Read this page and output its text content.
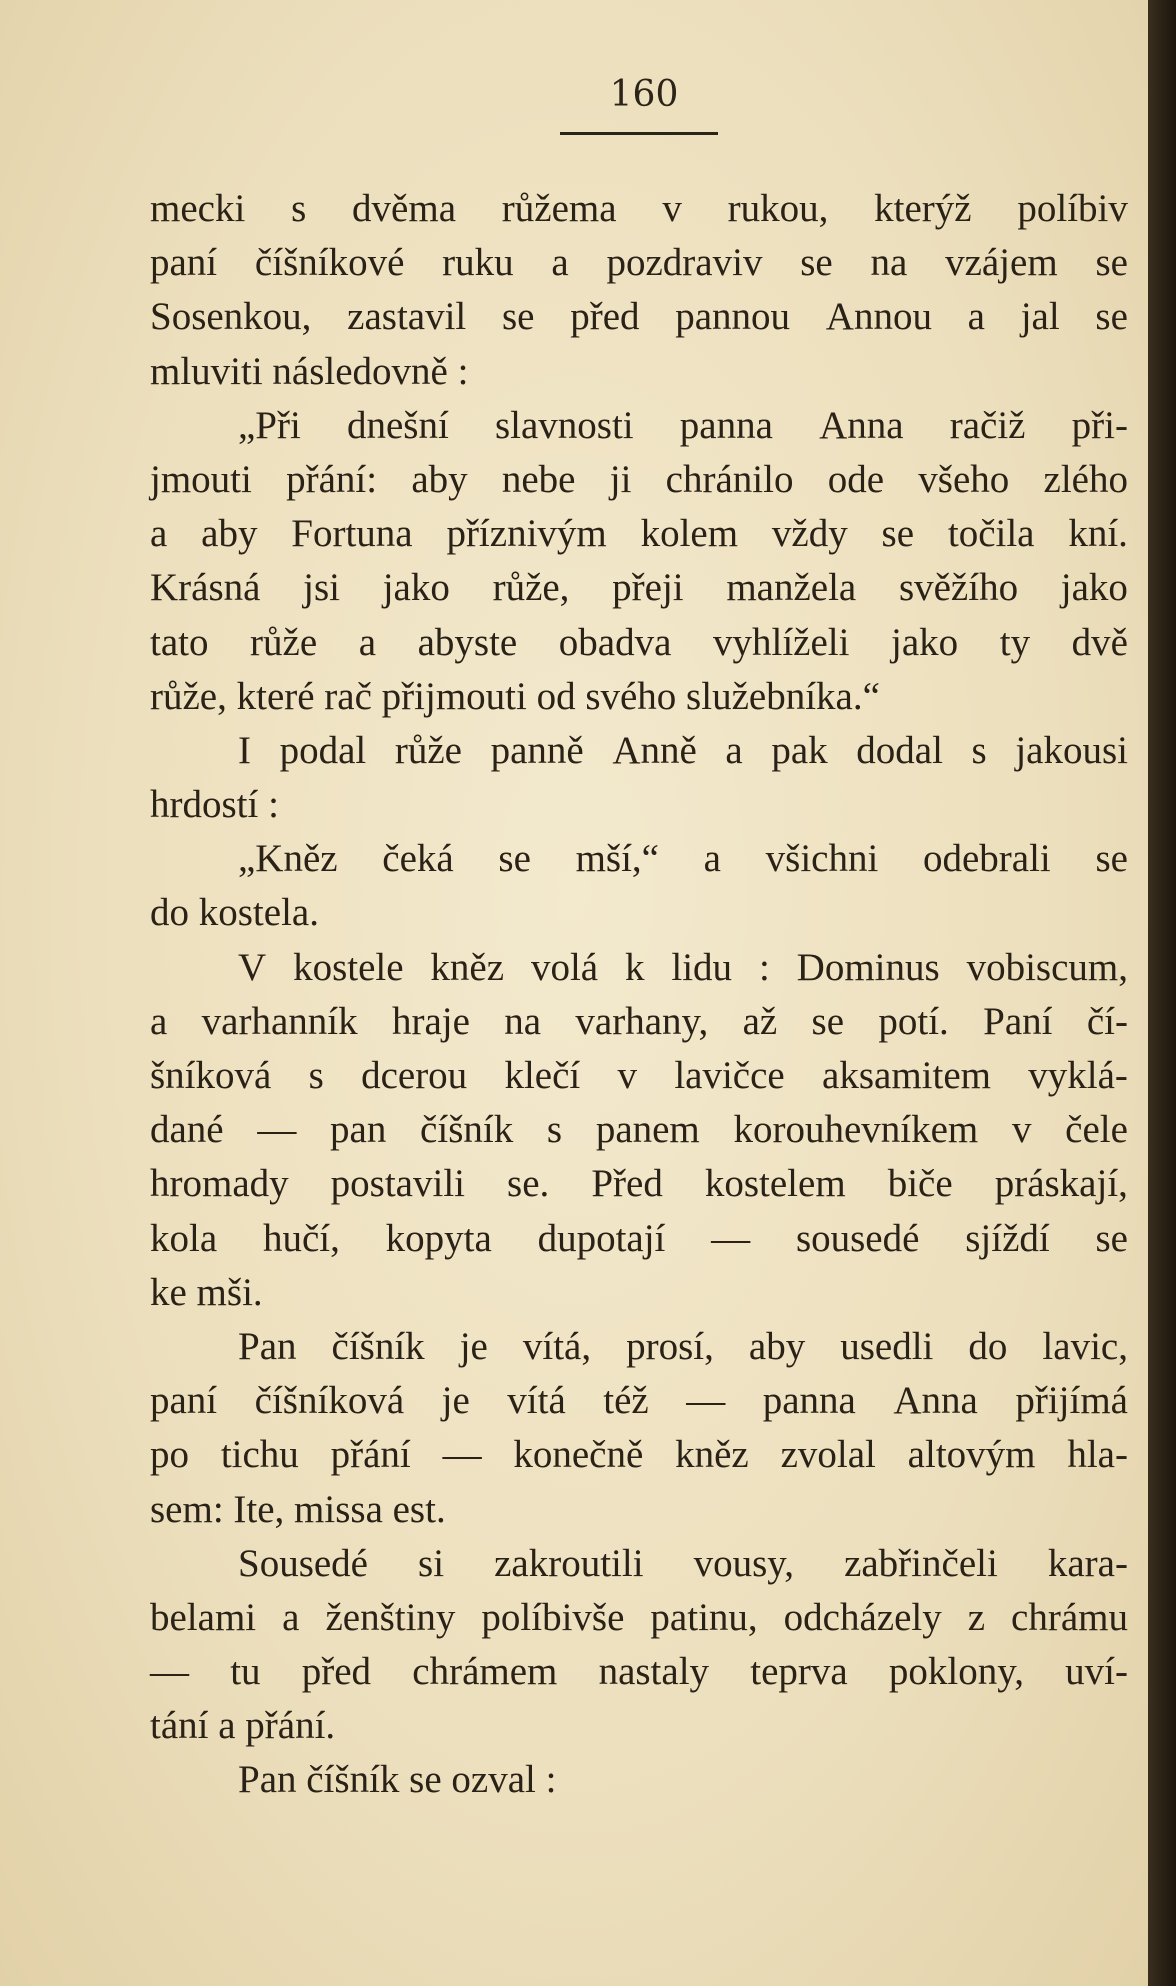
160
mecki s dvěma růžema v rukou, kterýž políbiv
paní číšníkové ruku a pozdraviv se na vzájem se
Sosenkou, zastavil se před pannou Annou a jal se
mluviti následovně :
„Při dnešní slavnosti panna Anna račiž při-
jmouti přání: aby nebe ji chránilo ode všeho zlého
a aby Fortuna příznivým kolem vždy se točila kní.
Krásná jsi jako růže, přeji manžela svěžího jako
tato růže a abyste obadva vyhlíželi jako ty dvě
růže, které rač přijmouti od svého služebníka.“
I podal růže panně Anně a pak dodal s jakousi
hrdostí :
„Kněz čeká se mší,“ a všichni odebrali se
do kostela.
V kostele kněz volá k lidu : Dominus vobiscum,
a varhanník hraje na varhany, až se potí. Paní čí-
šníková s dcerou klečí v lavičce aksamitem vyklá-
dané — pan číšník s panem korouhevníkem v čele
hromady postavili se. Před kostelem biče práskají,
kola hučí, kopyta dupotají — sousedé sjíždí se
ke mši.
Pan číšník je vítá, prosí, aby usedli do lavic,
paní číšníková je vítá též — panna Anna přijímá
po tichu přání — konečně kněz zvolal altovým hla-
sem: Ite, missa est.
Sousedé si zakroutili vousy, zabřinčeli kara-
belami a ženštiny políbivše patinu, odcházely z chrámu
— tu před chrámem nastaly teprva poklony, uví-
tání a přání.
Pan číšník se ozval :
